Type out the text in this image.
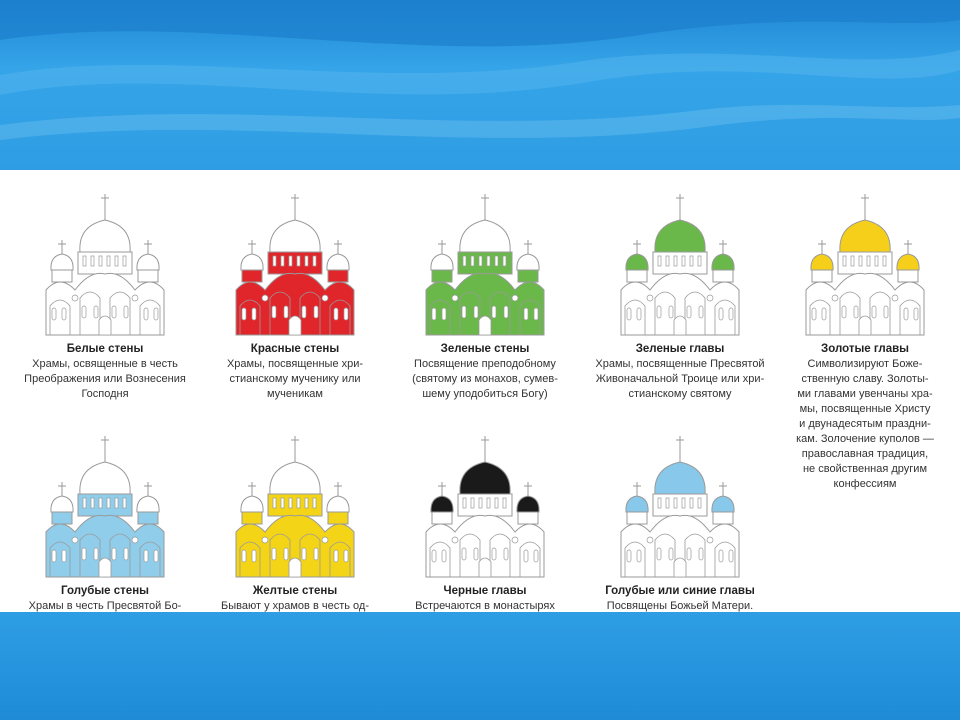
Белые стены
Храмы, освященные в честь
Преображения или Вознесения
Господня
Красные стены
Храмы, посвященные хри-
стианскому мученику или
мученикам
Зеленые стены
Посвящение преподобному
(святому из монахов, сумев-
шему уподобиться Богу)
Зеленые главы
Храмы, посвященные Пресвятой
Живоначальной Троице или хри-
стианскому святому
Золотые главы
Символизируют Боже-
ственную славу. Золоты-
ми главами увенчаны хра-
мы, посвященные Христу
и двунадесятым праздни-
кам. Золочение куполов —
православная традиция,
не свойственная другим
конфессиям
Голубые стены
Храмы в честь Пресвятой Бо-
Желтые стены
Бывают у храмов в честь од-
Черные главы
Встречаются в монастырях
Голубые или синие главы
Посвящены Божьей Матери.
